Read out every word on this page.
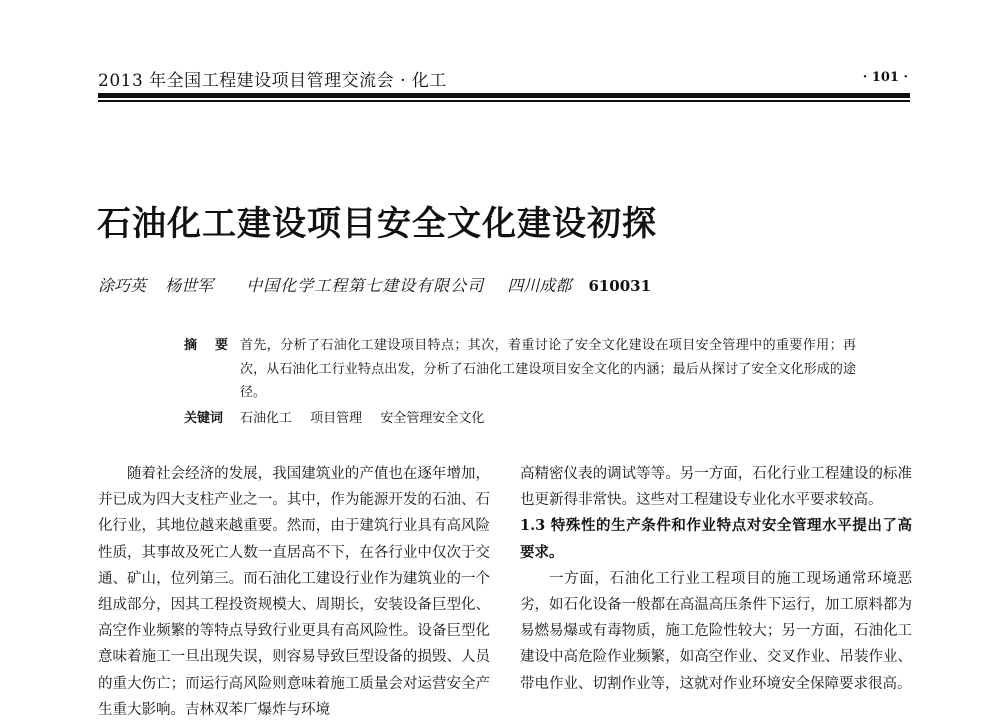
2013 年全国工程建设项目管理交流会 · 化工	· 101 ·
石油化工建设项目安全文化建设初探
涂巧英 杨世军 中国化学工程第七建设有限公司 四川成都 610031
摘要
首先，分析了石油化工建设项目特点；其次，着重讨论了安全文化建设在项目安全管理中的重要作用；再次，从石油化工行业特点出发，分析了石油化工建设项目安全文化的内涵；最后从探讨了安全文化形成的途径。
关键词 石油化工 项目管理 安全管理安全文化

随着社会经济的发展，我国建筑业的产值也在逐年增加，并已成为四大支柱产业之一。其中，作为能源开发的石油、石化行业，其地位越来越重要。然而，由于建筑行业具有高风险性质，其事故及死亡人数一直居高不下，在各行业中仅次于交通、矿山，位列第三。而石油化工建设行业作为建筑业的一个组成部分，因其工程投资规模大、周期长，安装设备巨型化、高空作业频繁的等特点导致行业更具有高风险性。设备巨型化意味着施工一旦出现失误，则容易导致巨型设备的损毁、人员的重大伤亡；而运行高风险则意味着施工质量会对运营安全产生重大影响。吉林双苯厂爆炸与环境

高精密仪表的调试等等。另一方面，石化行业工程建设的标准也更新得非常快。这些对工程建设专业化水平要求较高。

1.3 特殊性的生产条件和作业特点对安全管理水平提出了高要求。

一方面，石油化工行业工程项目的施工现场通常环境恶劣，如石化设备一般都在高温高压条件下运行，加工原料都为易燃易爆或有毒物质，施工危险性较大；另一方面，石油化工建设中高危险作业频繁，如高空作业、交叉作业、吊装作业、带电作业、切割作业等，这就对作业环境安全保障要求很高。
